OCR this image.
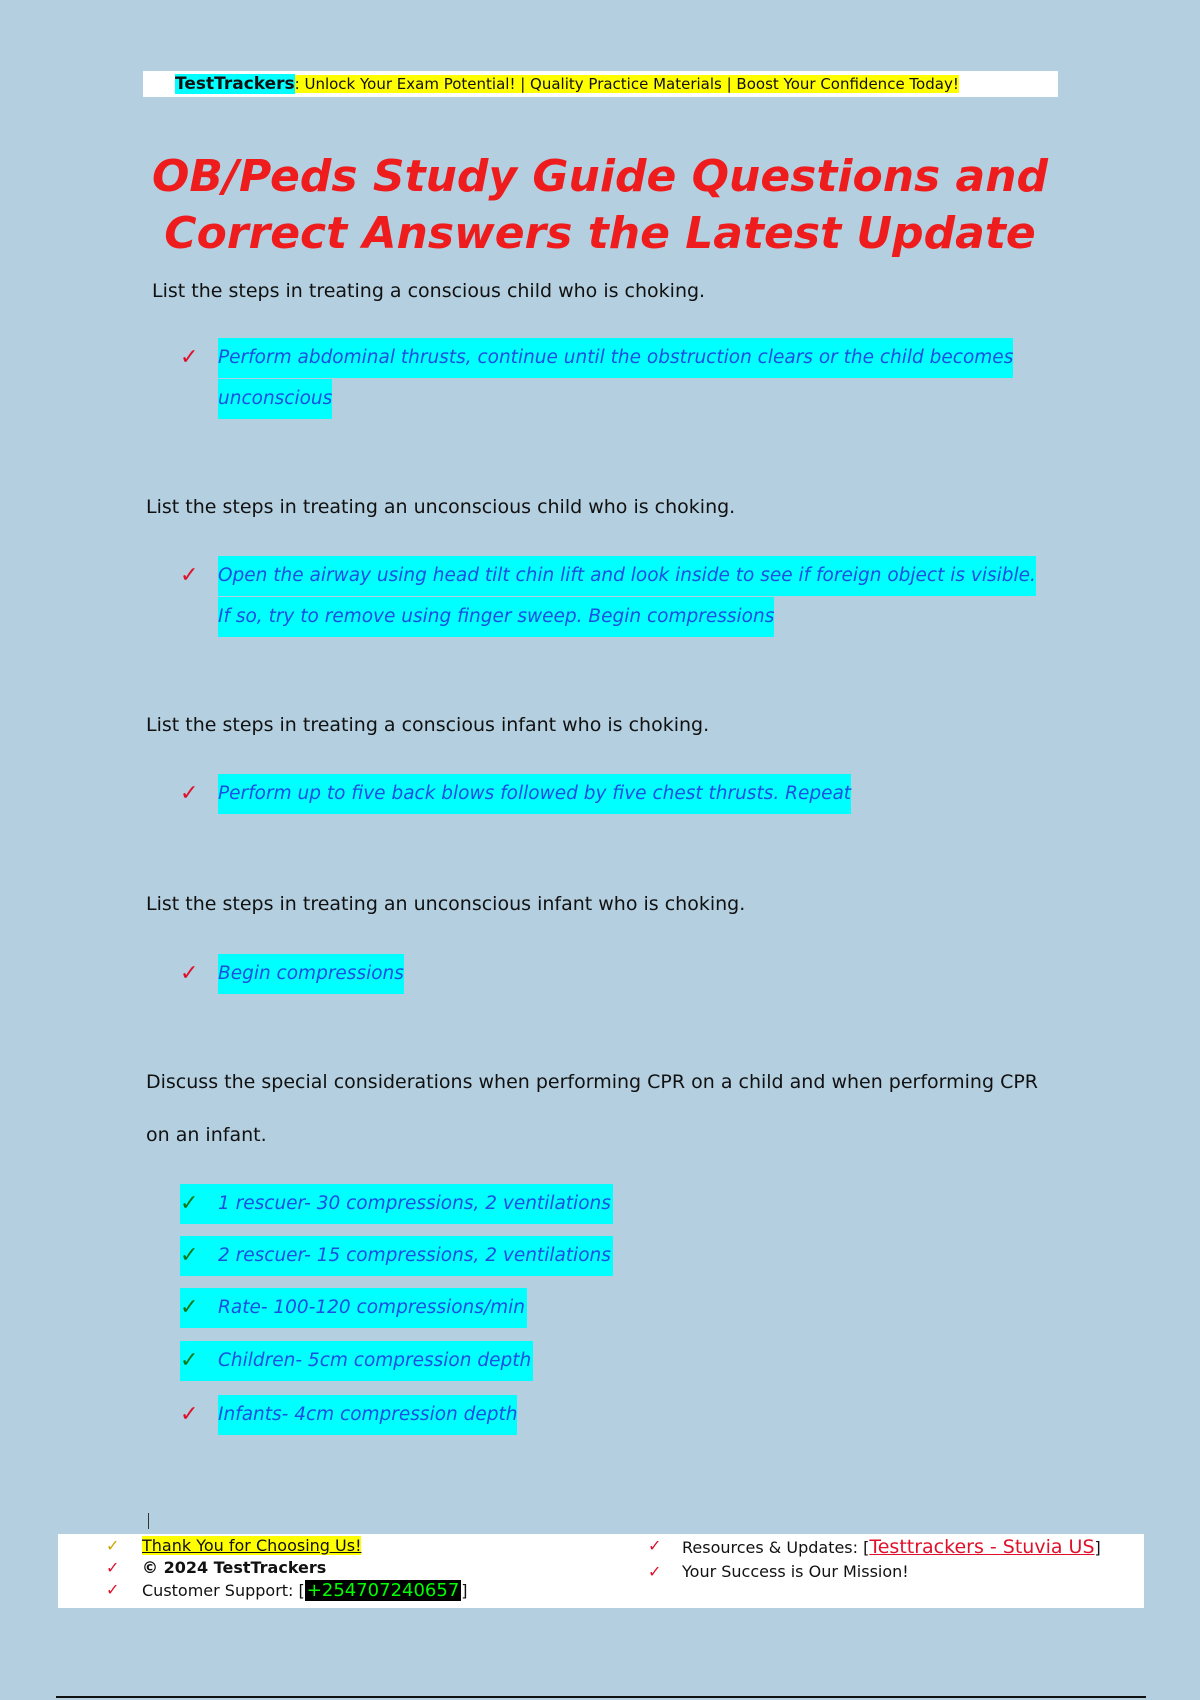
TestTrackers: Unlock Your Exam Potential! | Quality Practice Materials | Boost Your Confidence Today!
OB/Peds Study Guide Questions and
Correct Answers the Latest Update
List the steps in treating a conscious child who is choking.
✓ Perform abdominal thrusts, continue until the obstruction clears or the child becomes
unconscious
List the steps in treating an unconscious child who is choking.
✓ Open the airway using head tilt chin lift and look inside to see if foreign object is visible.
If so, try to remove using finger sweep. Begin compressions
List the steps in treating a conscious infant who is choking.
✓ Perform up to five back blows followed by five chest thrusts. Repeat
List the steps in treating an unconscious infant who is choking.
✓ Begin compressions
Discuss the special considerations when performing CPR on a child and when performing CPR
on an infant.
✓ 1 rescuer- 30 compressions, 2 ventilations
✓ 2 rescuer- 15 compressions, 2 ventilations
✓ Rate- 100-120 compressions/min
✓ Children- 5cm compression depth
✓ Infants- 4cm compression depth
✓ Thank You for Choosing Us!
✓ © 2024 TestTrackers
✓ Customer Support: [ +254707240657 ]
✓ Resources & Updates: [Testtrackers - Stuvia US]
✓ Your Success is Our Mission!
